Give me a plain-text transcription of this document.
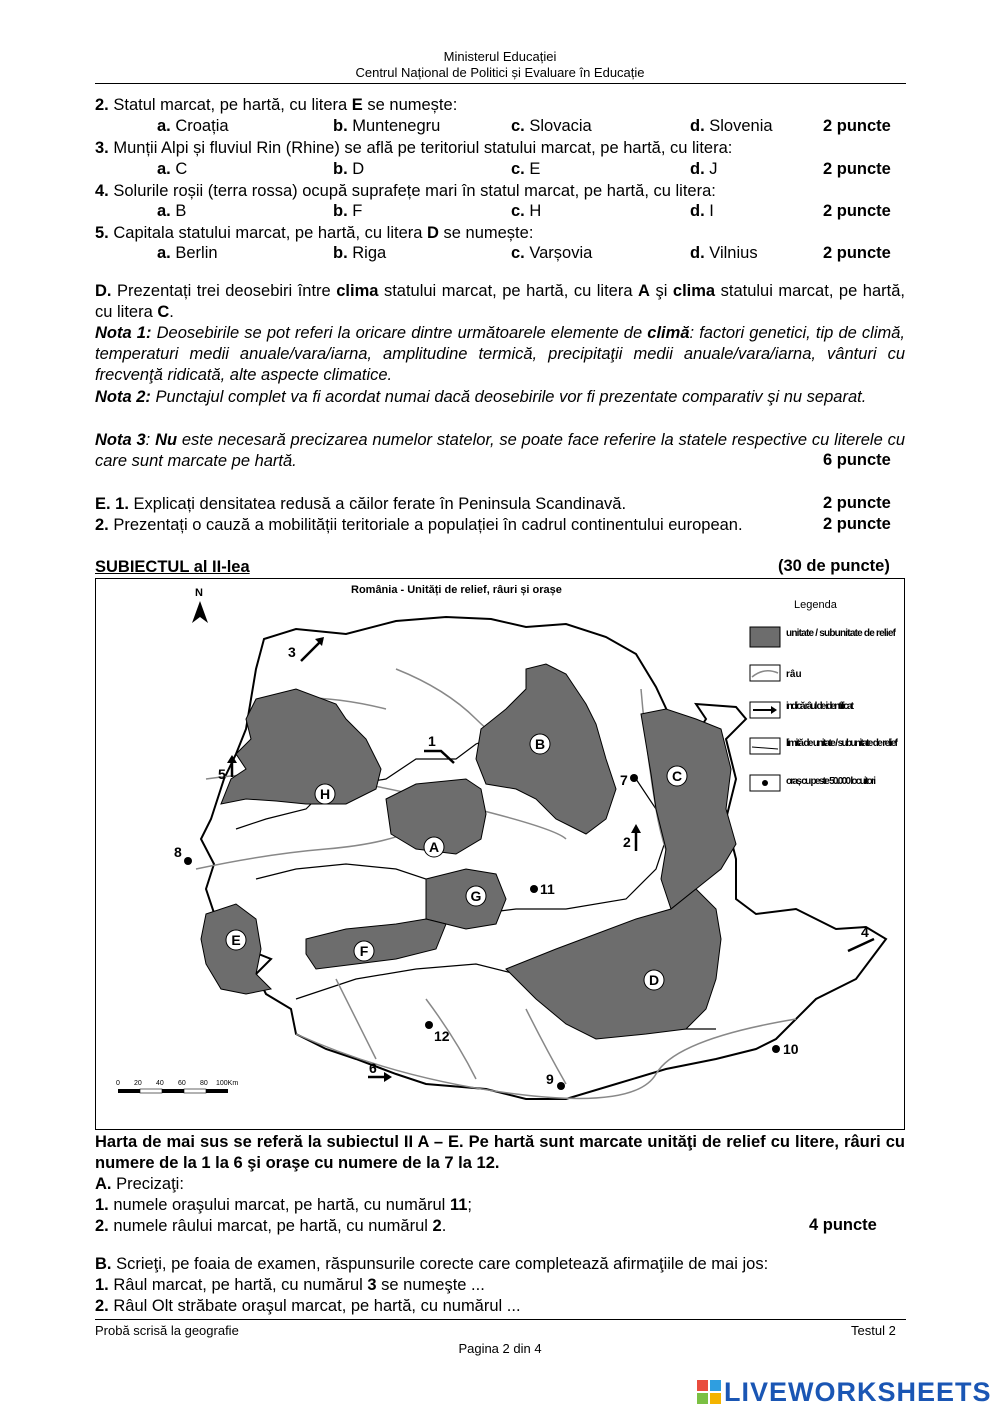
Ministerul Educației
Centrul Național de Politici și Evaluare în Educație
2. Statul marcat, pe hartă, cu litera E se numește:
a. Croația	b. Muntenegru	c. Slovacia	d. Slovenia	2 puncte
3. Munții Alpi și fluviul Rin (Rhine) se află pe teritoriul statului marcat, pe hartă, cu litera:
a. C	b. D	c. E	d. J	2 puncte
4. Solurile roșii (terra rossa) ocupă suprafețe mari în statul marcat, pe hartă, cu litera:
a. B	b. F	c. H	d. I	2 puncte
5. Capitala statului marcat, pe hartă, cu litera D se numește:
a. Berlin	b. Riga	c. Varșovia	d. Vilnius	2 puncte
D. Prezentați trei deosebiri între clima statului marcat, pe hartă, cu litera A şi clima statului marcat, pe hartă, cu litera C.
Nota 1: Deosebirile se pot referi la oricare dintre următoarele elemente de climă: factori genetici, tip de climă, temperaturi medii anuale/vara/iarna, amplitudine termică, precipitaţii medii anuale/vara/iarna, vânturi cu frecvenţă ridicată, alte aspecte climatice.
Nota 2: Punctajul complet va fi acordat numai dacă deosebirile vor fi prezentate comparativ şi nu separat.
Nota 3: Nu este necesară precizarea numelor statelor, se poate face referire la statele respective cu literele cu care sunt marcate pe hartă.	6 puncte
E. 1. Explicați densitatea redusă a căilor ferate în Peninsula Scandinavă.	2 puncte
2. Prezentați o cauză a mobilității teritoriale a populației în cadrul continentului european.	2 puncte
SUBIECTUL al II-lea	(30 de puncte)
România - Unități de relief, râuri și orașe
N
A
B
C
D
E
F
G
H
1
2
3
4
5
6
7
8
9
10
11
12
0 20 40 60 80 100Km
Legenda
unitate / subunitate de relief
râu
indică râul de identificat
limită de unitate / subunitate de relief
oraș cu peste 50.000 locuitori
Harta de mai sus se referă la subiectul II A – E. Pe hartă sunt marcate unităţi de relief cu litere, râuri cu numere de la 1 la 6 şi oraşe cu numere de la 7 la 12.
A. Precizaţi:
1. numele oraşului marcat, pe hartă, cu numărul 11;
2. numele râului marcat, pe hartă, cu numărul 2.	4 puncte
B. Scrieţi, pe foaia de examen, răspunsurile corecte care completează afirmaţiile de mai jos:
1. Râul marcat, pe hartă, cu numărul 3 se numeşte ...
2. Râul Olt străbate oraşul marcat, pe hartă, cu numărul ...
Probă scrisă la geografie	Testul 2
Pagina 2 din 4
LIVEWORKSHEETS
